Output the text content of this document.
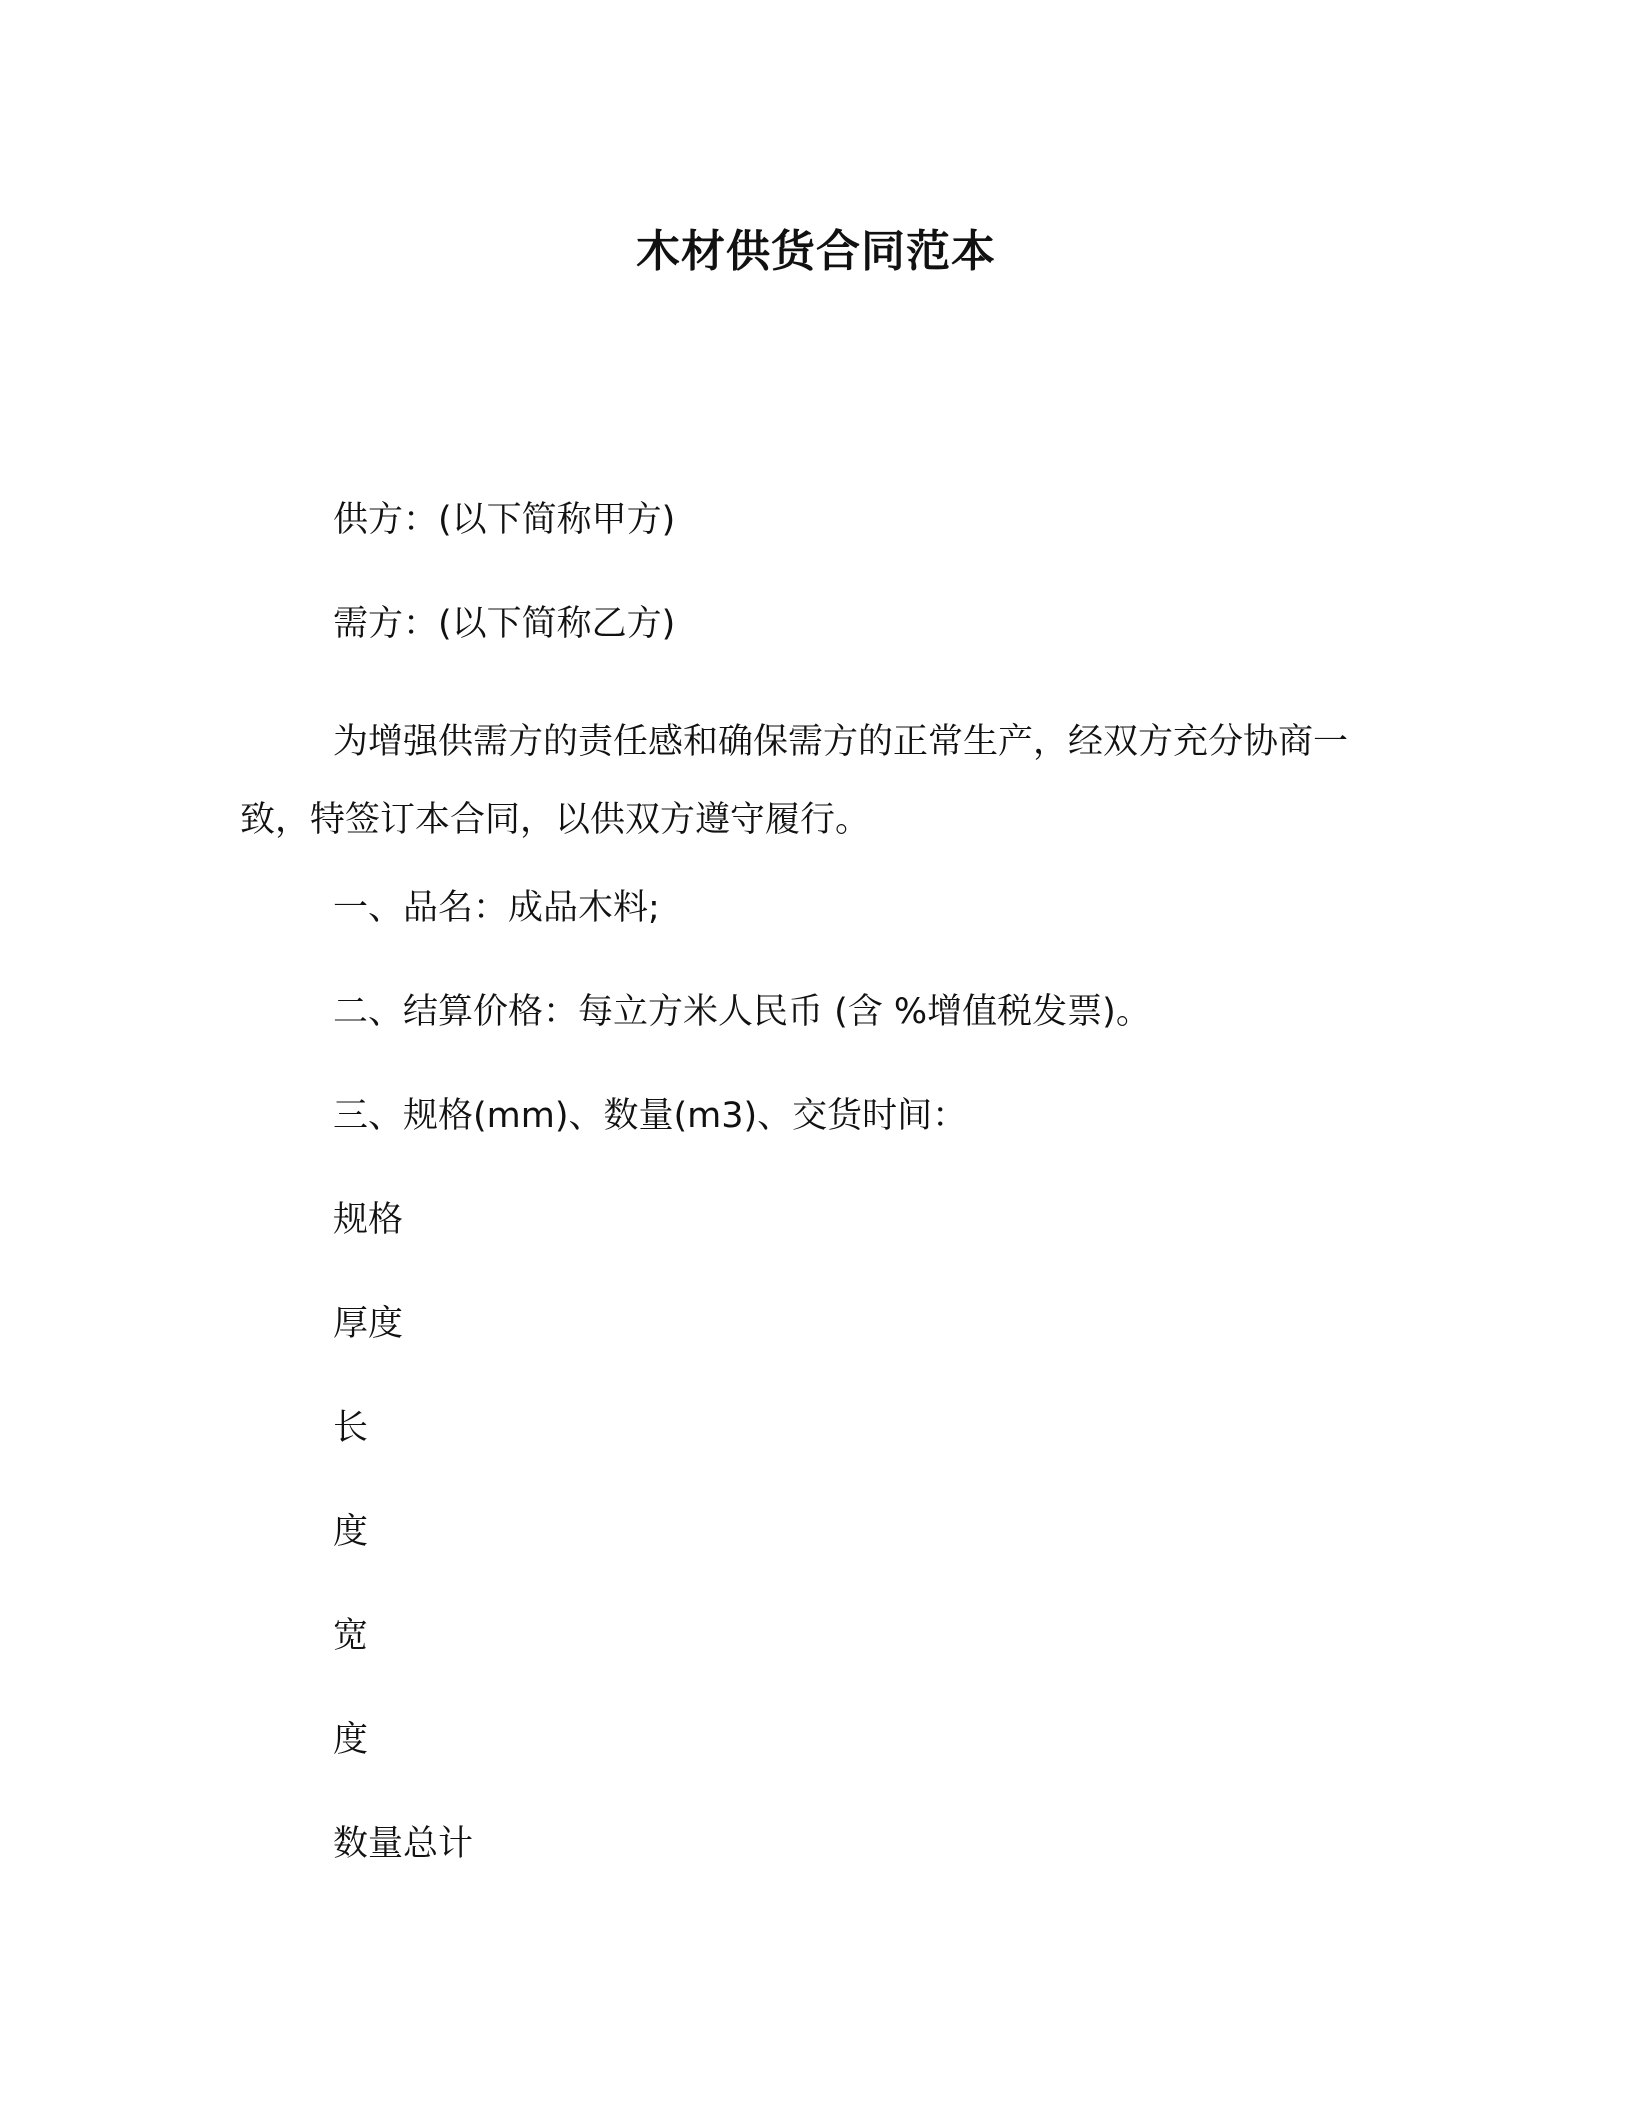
木材供货合同范本
供方：(以下简称甲方)
需方：(以下简称乙方)
为增强供需方的责任感和确保需方的正常生产，经双方充分协商一致，特签订本合同，以供双方遵守履行。
一、品名：成品木料;
二、结算价格：每立方米人民币 (含 %增值税发票)。
三、规格(mm)、数量(m3)、交货时间：
规格
厚度
长
度
宽
度
数量总计
